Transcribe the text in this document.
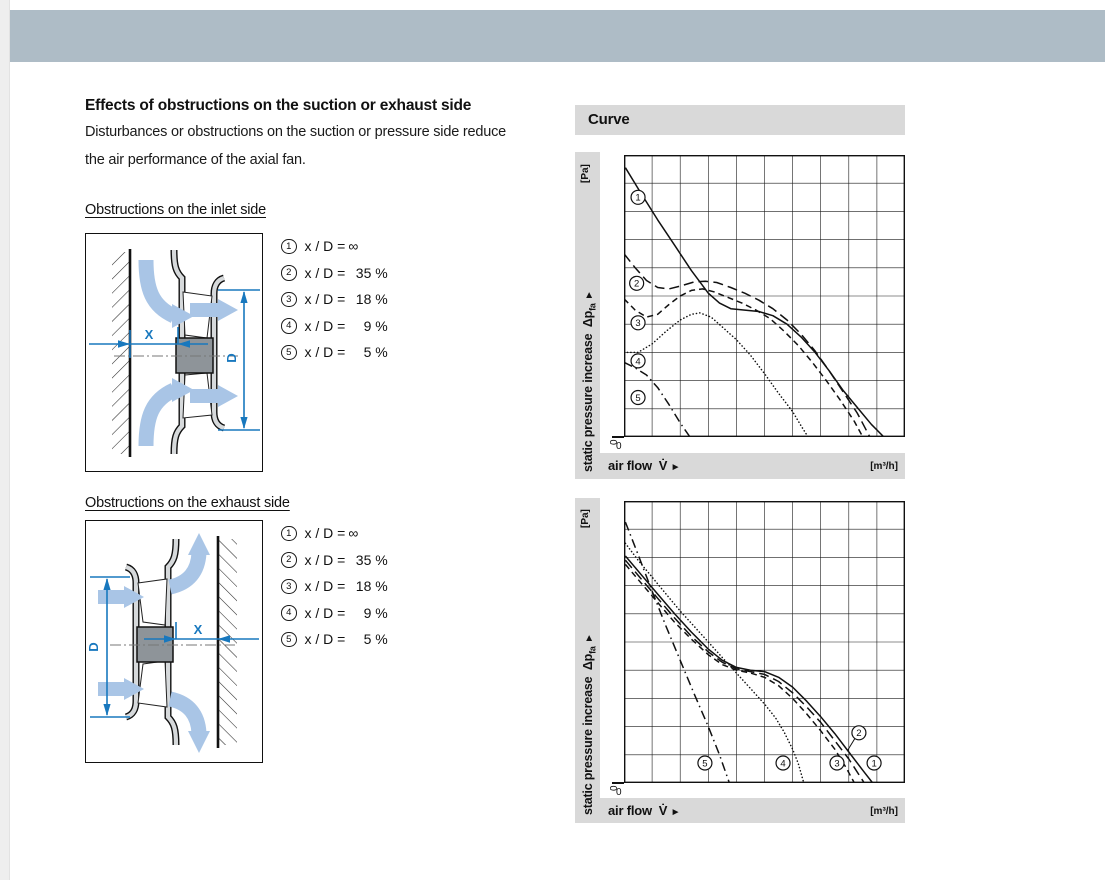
Effects of obstructions on the suction or exhaust side
Disturbances or obstructions on the suction or pressure side reduce
the air performance of the axial fan.
Obstructions on the inlet side
X
D
1 x / D = ∞
2 x / D = 35 %
3 x / D = 18 %
4 x / D =	9 %
5 x / D =	5 %
Obstructions on the exhaust side
X
D
1 x / D = ∞
2 x / D = 35 %
3 x / D = 18 %
4 x / D =	9 %
5 x / D =	5 %
Curve
[Pa]
static pressure increase  $\Delta p_{fa}$ ►
1
2
3
4
5
0
0
air flow V̇ ►	[m³/h]
[Pa]
static pressure increase  $\Delta p_{fa}$ ►
1
2
3
4
5
0
0
air flow V̇ ►	[m³/h]
